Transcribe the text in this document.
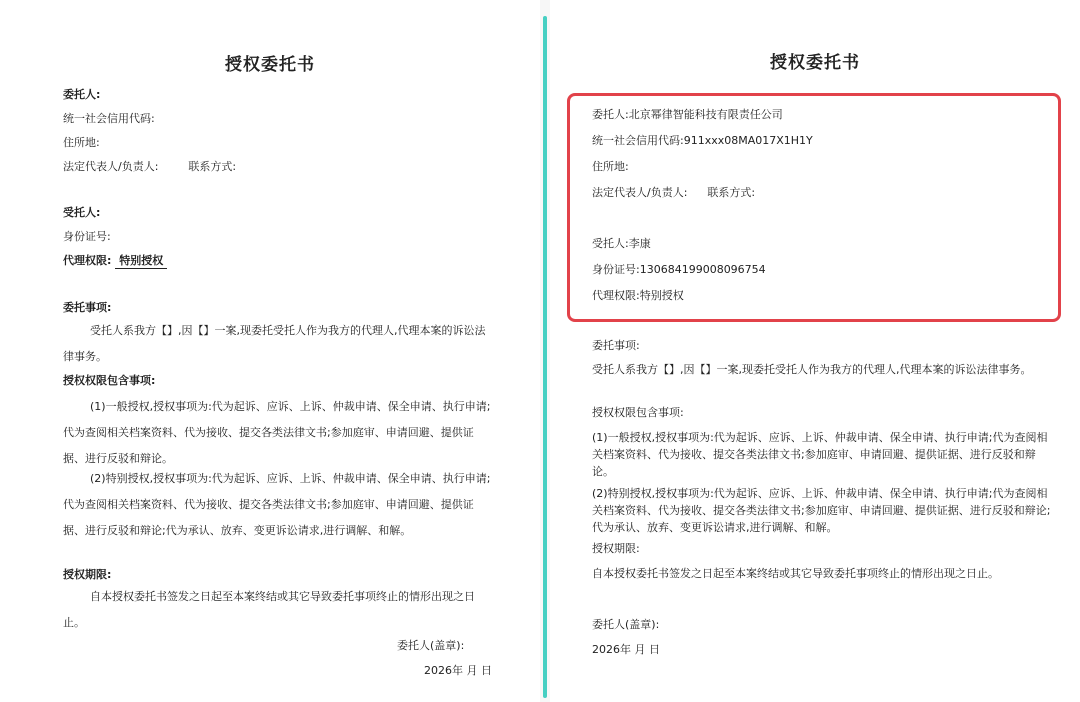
授权委托书

委托人:

统一社会信用代码:

住所地:

法定代表人/负责人:	联系方式:

受托人:

身份证号:

代理权限: 特别授权

委托事项:

受托人系我方【】,因【】一案,现委托受托人作为我方的代理人,代理本案的诉讼法律事务。

授权权限包含事项:

(1)一般授权,授权事项为:代为起诉、应诉、上诉、仲裁申请、保全申请、执行申请;代为查阅相关档案资料、代为接收、提交各类法律文书;参加庭审、申请回避、提供证据、进行反驳和辩论。

(2)特别授权,授权事项为:代为起诉、应诉、上诉、仲裁申请、保全申请、执行申请;代为查阅相关档案资料、代为接收、提交各类法律文书;参加庭审、申请回避、提供证据、进行反驳和辩论;代为承认、放弃、变更诉讼请求,进行调解、和解。

授权期限:

自本授权委托书签发之日起至本案终结或其它导致委托事项终止的情形出现之日止。

委托人(盖章):

2026年 月 日

授权委托书

委托人:北京幂律智能科技有限责任公司

统一社会信用代码:911xxx08MA017X1H1Y

住所地:

法定代表人/负责人: 联系方式:

受托人:李康

身份证号:130684199008096754

代理权限:特别授权

委托事项:

受托人系我方【】,因【】一案,现委托受托人作为我方的代理人,代理本案的诉讼法律事务。

授权权限包含事项:

(1)一般授权,授权事项为:代为起诉、应诉、上诉、仲裁申请、保全申请、执行申请;代为查阅相关档案资料、代为接收、提交各类法律文书;参加庭审、申请回避、提供证据、进行反驳和辩论。

(2)特别授权,授权事项为:代为起诉、应诉、上诉、仲裁申请、保全申请、执行申请;代为查阅相关档案资料、代为接收、提交各类法律文书;参加庭审、申请回避、提供证据、进行反驳和辩论;代为承认、放弃、变更诉讼请求,进行调解、和解。

授权期限:

自本授权委托书签发之日起至本案终结或其它导致委托事项终止的情形出现之日止。

委托人(盖章):

2026年 月 日
